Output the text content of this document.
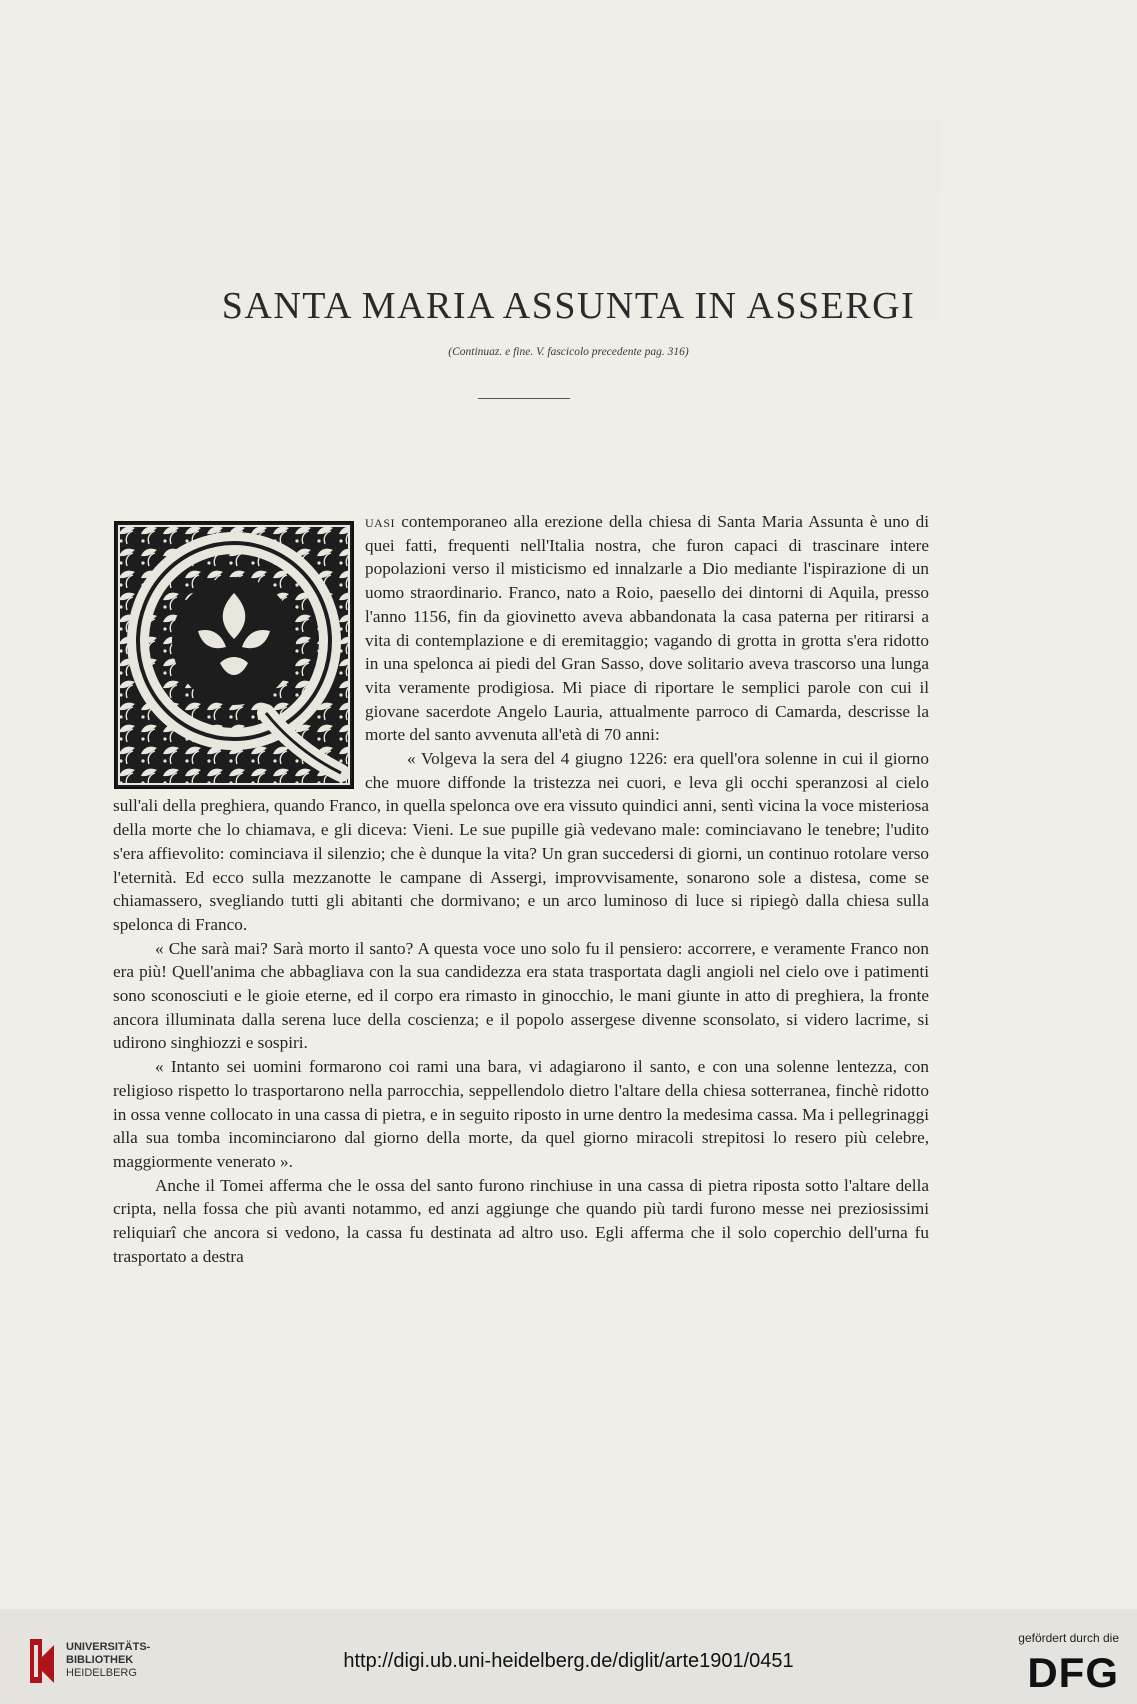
SANTA MARIA ASSUNTA IN ASSERGI
(Continuaz. e fine. V. fascicolo precedente pag. 316)

uasi contemporaneo alla erezione della chiesa di Santa Maria Assunta è uno di quei fatti, frequenti nell'Italia nostra, che furon capaci di trascinare intere popolazioni verso il misticismo ed innalzarle a Dio mediante l'ispirazione di un uomo straordinario. Franco, nato a Roio, paesello dei dintorni di Aquila, presso l'anno 1156, fin da giovinetto aveva abbandonata la casa paterna per ritirarsi a vita di contemplazione e di eremitaggio; vagando di grotta in grotta s'era ridotto in una spelonca ai piedi del Gran Sasso, dove solitario aveva trascorso una lunga vita veramente prodigiosa. Mi piace di riportare le semplici parole con cui il giovane sacerdote Angelo Lauria, attualmente parroco di Camarda, descrisse la morte del santo avvenuta all'età di 70 anni:

« Volgeva la sera del 4 giugno 1226: era quell'ora solenne in cui il giorno che muore diffonde la tristezza nei cuori, e leva gli occhi speranzosi al cielo sull'ali della preghiera, quando Franco, in quella spelonca ove era vissuto quindici anni, sentì vicina la voce misteriosa della morte che lo chiamava, e gli diceva: Vieni. Le sue pupille già vedevano male: cominciavano le tenebre; l'udito s'era affievolito: cominciava il silenzio; che è dunque la vita? Un gran succedersi di giorni, un continuo rotolare verso l'eternità. Ed ecco sulla mezzanotte le campane di Assergi, improvvisamente, sonarono sole a distesa, come se chiamassero, svegliando tutti gli abitanti che dormivano; e un arco luminoso di luce si ripiegò dalla chiesa sulla spelonca di Franco.

« Che sarà mai? Sarà morto il santo? A questa voce uno solo fu il pensiero: accorrere, e veramente Franco non era più! Quell'anima che abbagliava con la sua candidezza era stata trasportata dagli angioli nel cielo ove i patimenti sono sconosciuti e le gioie eterne, ed il corpo era rimasto in ginocchio, le mani giunte in atto di preghiera, la fronte ancora illuminata dalla serena luce della coscienza; e il popolo assergese divenne sconsolato, si videro lacrime, si udirono singhiozzi e sospiri.

« Intanto sei uomini formarono coi rami una bara, vi adagiarono il santo, e con una solenne lentezza, con religioso rispetto lo trasportarono nella parrocchia, seppellendolo dietro l'altare della chiesa sotterranea, finchè ridotto in ossa venne collocato in una cassa di pietra, e in seguito riposto in urne dentro la medesima cassa. Ma i pellegrinaggi alla sua tomba incominciarono dal giorno della morte, da quel giorno miracoli strepitosi lo resero più celebre, maggiormente venerato ».

Anche il Tomei afferma che le ossa del santo furono rinchiuse in una cassa di pietra riposta sotto l'altare della cripta, nella fossa che più avanti notammo, ed anzi aggiunge che quando più tardi furono messe nei preziosissimi reliquiarî che ancora si vedono, la cassa fu destinata ad altro uso. Egli afferma che il solo coperchio dell'urna fu trasportato a destra

UNIVERSITÄTS-
BIBLIOTHEK
HEIDELBERG
http://digi.ub.uni-heidelberg.de/diglit/arte1901/0451
gefördert durch die
DFG
